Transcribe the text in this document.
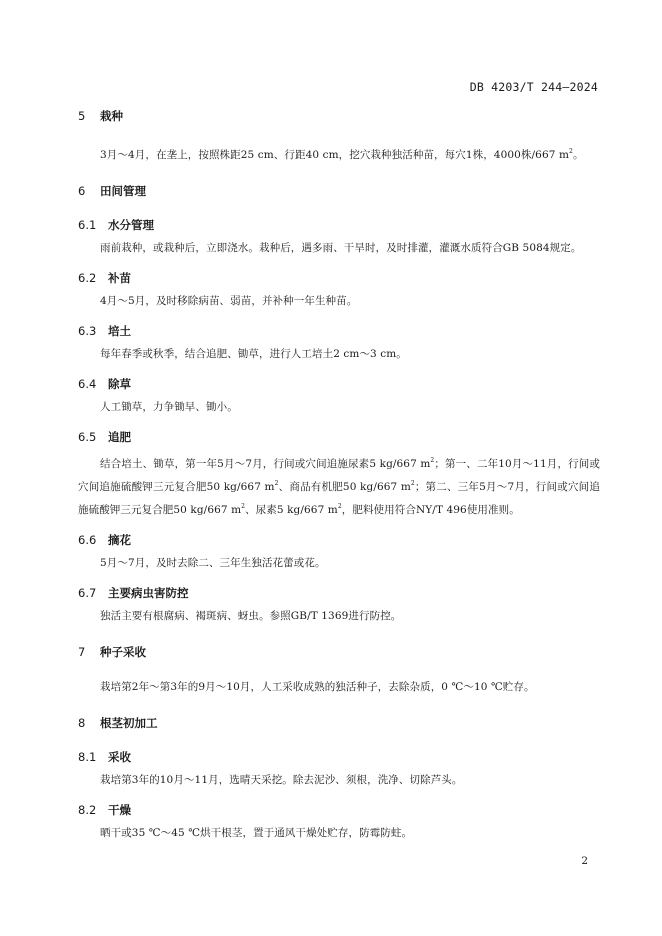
DB 4203/T 244—2024
5 栽种
3月～4月，在垄上，按照株距25 cm、行距40 cm，挖穴栽种独活种苗，每穴1株，4000株/667 $m^2$。
6 田间管理
6.1 水分管理
雨前栽种，或栽种后，立即浇水。栽种后，遇多雨、干旱时，及时排灌，灌溉水质符合GB 5084规定。
6.2 补苗
4月～5月，及时移除病苗、弱苗，并补种一年生种苗。
6.3 培土
每年春季或秋季，结合追肥、锄草，进行人工培土2 cm～3 cm。
6.4 除草
人工锄草，力争锄早、锄小。
6.5 追肥
结合培土、锄草，第一年5月～7月，行间或穴间追施尿素5 kg/667 $m^2$；第一、二年10月～11月，行间或穴间追施硫酸钾三元复合肥50 kg/667 $m^2$、商品有机肥50 kg/667 $m^2$；第二、三年5月～7月，行间或穴间追施硫酸钾三元复合肥50 kg/667 $m^2$、尿素5 kg/667 $m^2$，肥料使用符合NY/T 496使用准则。
6.6 摘花
5月～7月，及时去除二、三年生独活花蕾或花。
6.7 主要病虫害防控
独活主要有根腐病、褐斑病、蚜虫。参照GB/T 1369进行防控。
7 种子采收
栽培第2年～第3年的9月～10月，人工采收成熟的独活种子，去除杂质，0 ℃～10 ℃贮存。
8 根茎初加工
8.1 采收
栽培第3年的10月～11月，选晴天采挖。除去泥沙、须根，洗净、切除芦头。
8.2 干燥
晒干或35 ℃～45 ℃烘干根茎，置于通风干燥处贮存，防霉防蛀。
2
